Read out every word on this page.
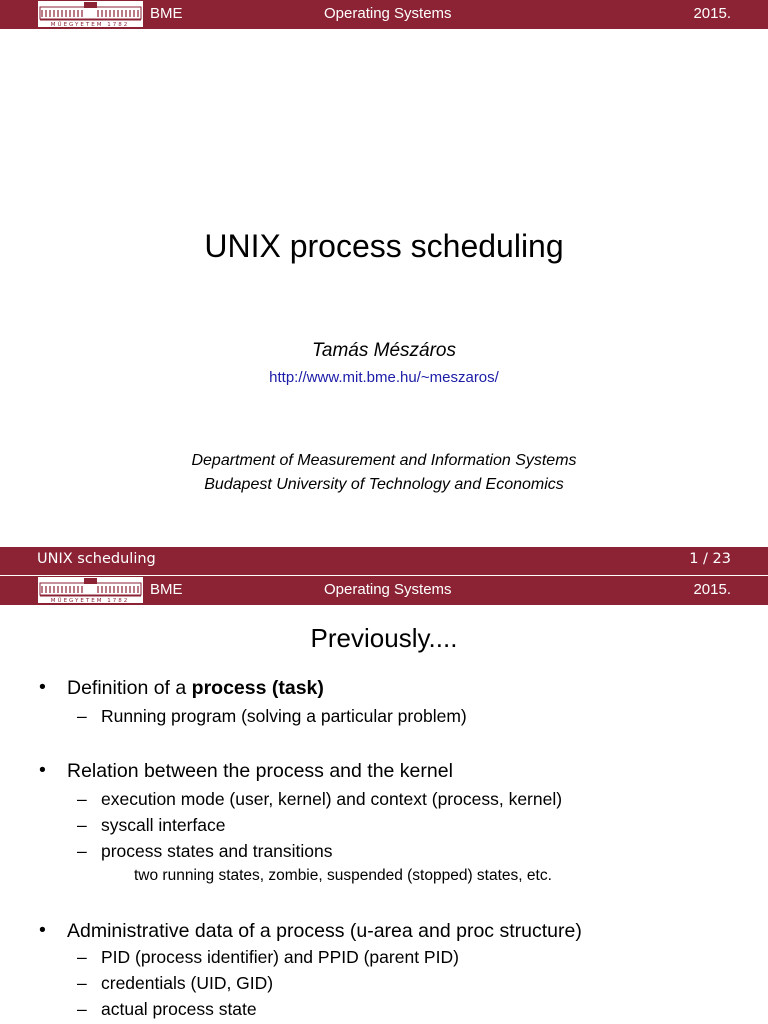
MŰEGYETEM 1782
BME	Operating Systems	2015.
UNIX process scheduling
Tamás Mészáros
http://www.mit.bme.hu/~meszaros/
Department of Measurement and Information Systems
Budapest University of Technology and Economics
UNIX scheduling	1 / 23
MŰEGYETEM 1782
BME	Operating Systems	2015.
Previously....
• Definition of a process (task)
– Running program (solving a particular problem)
• Relation between the process and the kernel
– execution mode (user, kernel) and context (process, kernel)
– syscall interface
– process states and transitions
two running states, zombie, suspended (stopped) states, etc.
• Administrative data of a process (u-area and proc structure)
– PID (process identifier) and PPID (parent PID)
– credentials (UID, GID)
– actual process state
